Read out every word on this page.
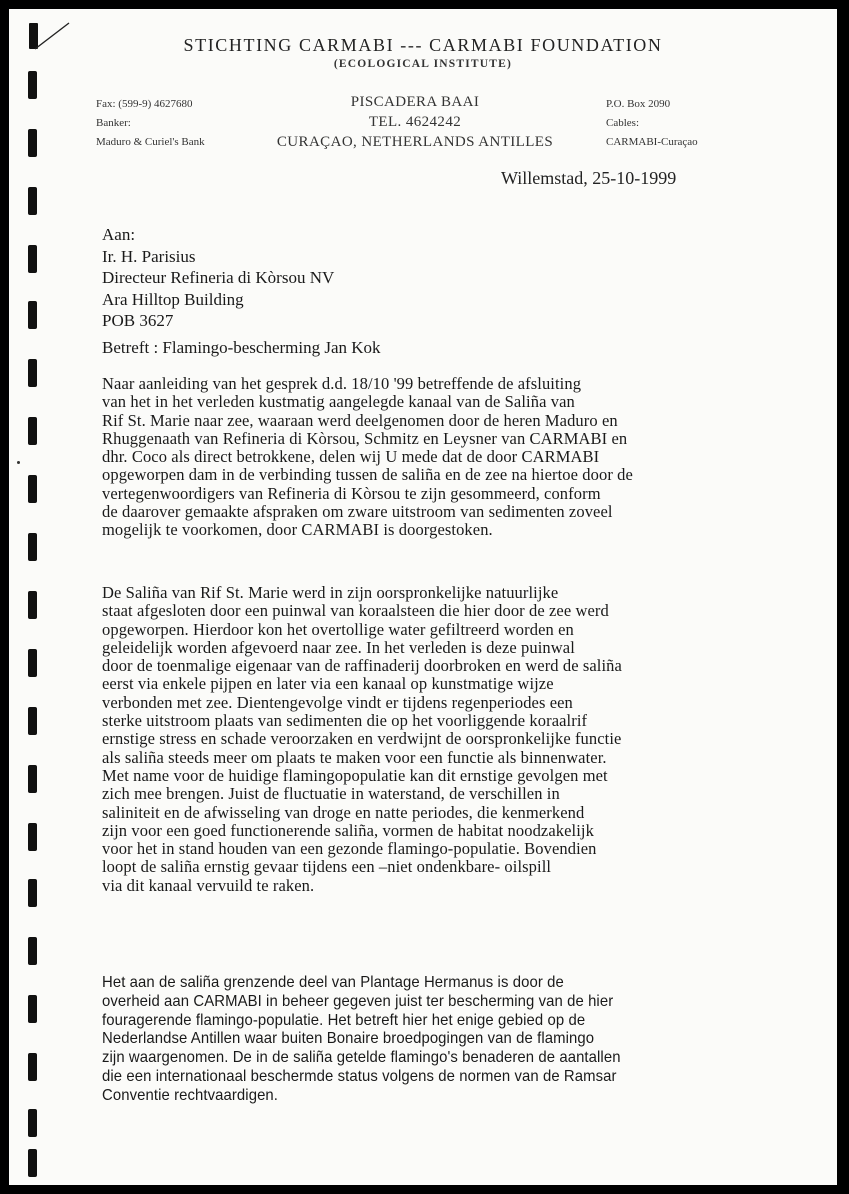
STICHTING CARMABI --- CARMABI FOUNDATION
(ECOLOGICAL INSTITUTE)
Fax: (599-9) 4627680
Banker:
Maduro & Curiel's Bank
PISCADERA BAAI
TEL. 4624242
CURAÇAO, NETHERLANDS ANTILLES
P.O. Box 2090
Cables:
CARMABI-Curaçao
Willemstad, 25-10-1999
Aan:
Ir. H. Parisius
Directeur Refineria di Kòrsou NV
Ara Hilltop Building
POB 3627
Betreft : Flamingo-bescherming Jan Kok

Naar aanleiding van het gesprek d.d. 18/10 '99 betreffende de afsluiting

van het in het verleden kustmatig aangelegde kanaal van de Saliña van

Rif St. Marie naar zee, waaraan werd deelgenomen door de heren Maduro en

Rhuggenaath van Refineria di Kòrsou, Schmitz en Leysner van CARMABI en

dhr. Coco als direct betrokkene, delen wij U mede dat de door CARMABI

opgeworpen dam in de verbinding tussen de saliña en de zee na hiertoe door de

vertegenwoordigers van Refineria di Kòrsou te zijn gesommeerd, conform

de daarover gemaakte afspraken om zware uitstroom van sedimenten zoveel

mogelijk te voorkomen, door CARMABI is doorgestoken.

De Saliña van Rif St. Marie werd in zijn oorspronkelijke natuurlijke

staat afgesloten door een puinwal van koraalsteen die hier door de zee werd

opgeworpen. Hierdoor kon het overtollige water gefiltreerd worden en

geleidelijk worden afgevoerd naar zee. In het verleden is deze puinwal

door de toenmalige eigenaar van de raffinaderij doorbroken en werd de saliña

eerst via enkele pijpen en later via een kanaal op kunstmatige wijze

verbonden met zee. Dientengevolge vindt er tijdens regenperiodes een

sterke uitstroom plaats van sedimenten die op het voorliggende koraalrif

ernstige stress en schade veroorzaken en verdwijnt de oorspronkelijke functie

als saliña steeds meer om plaats te maken voor een functie als binnenwater.

Met name voor de huidige flamingopopulatie kan dit ernstige gevolgen met

zich mee brengen. Juist de fluctuatie in waterstand, de verschillen in

saliniteit en de afwisseling van droge en natte periodes, die kenmerkend

zijn voor een goed functionerende saliña, vormen de habitat noodzakelijk

voor het in stand houden van een gezonde flamingo-populatie. Bovendien

loopt de saliña ernstig gevaar tijdens een –niet ondenkbare- oilspill

via dit kanaal vervuild te raken.

Het aan de saliña grenzende deel van Plantage Hermanus is door de

overheid aan CARMABI in beheer gegeven juist ter bescherming van de hier

fouragerende flamingo-populatie. Het betreft hier het enige gebied op de

Nederlandse Antillen waar buiten Bonaire broedpogingen van de flamingo

zijn waargenomen. De in de saliña getelde flamingo's benaderen de aantallen

die een internationaal beschermde status volgens de normen van de Ramsar

Conventie rechtvaardigen.
